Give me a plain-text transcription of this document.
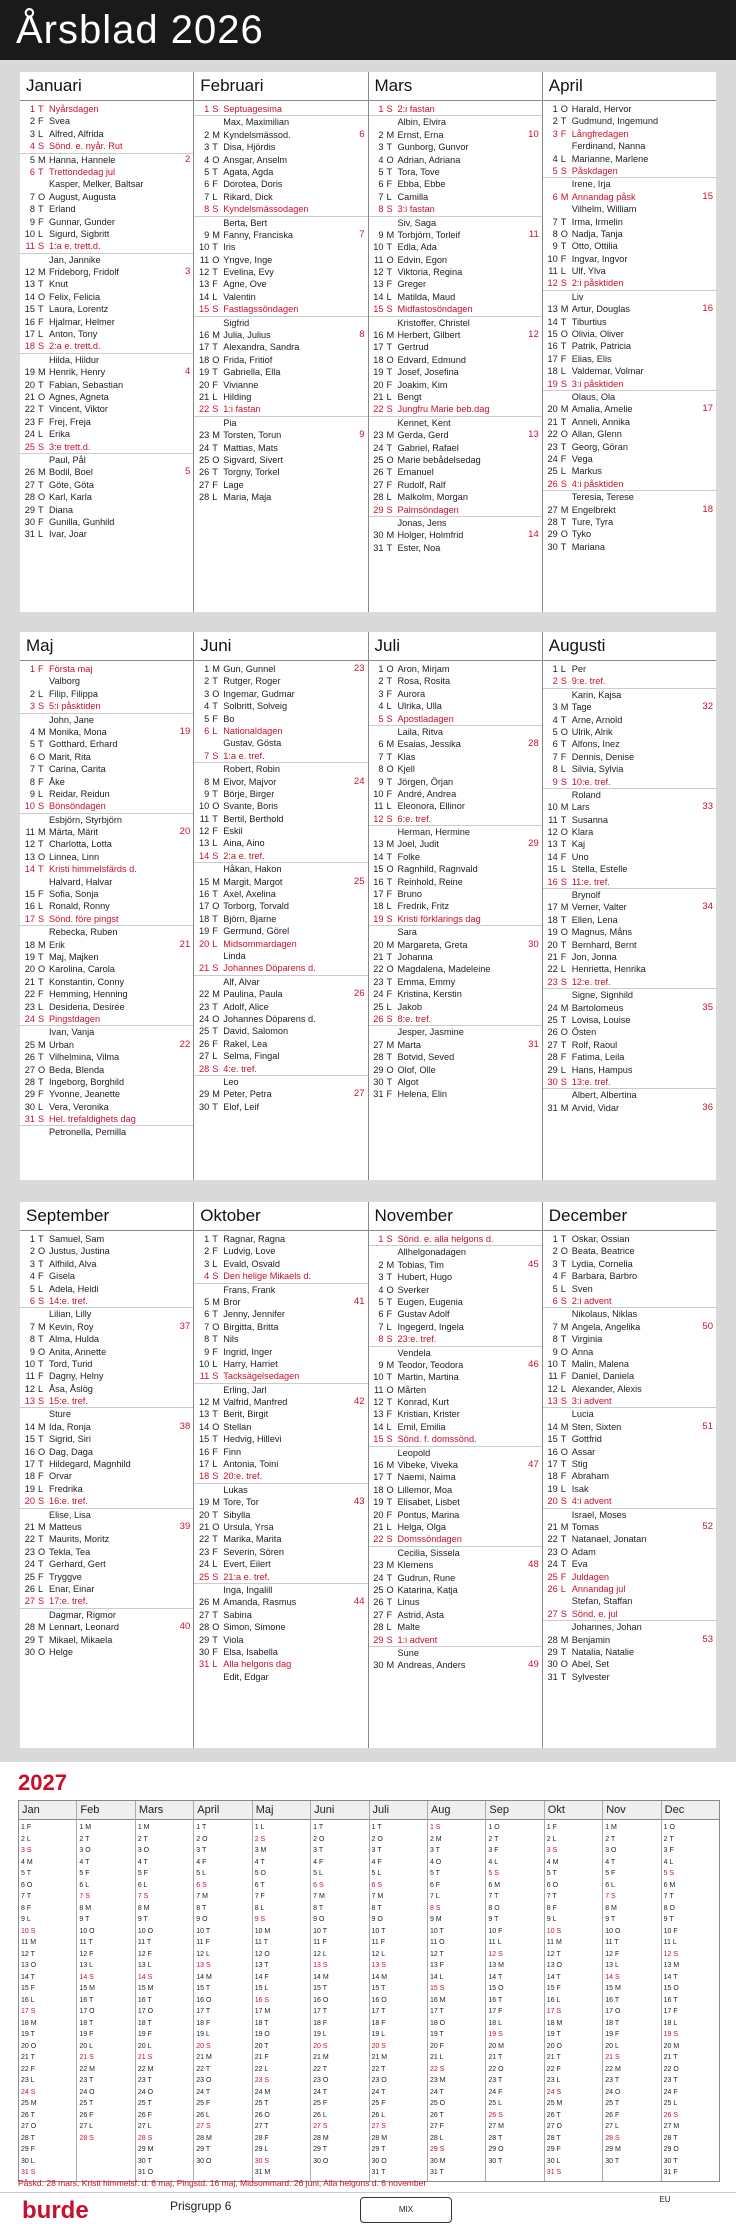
Årsblad 2026
Januari
1 T Nyårsdagen
2 F Svea
3 L Alfred, Alfrida
4 S Sönd. e. nyår. Rut
5 M Hanna, Hannele	2
6 T Trettondedag jul
Kasper, Melker, Baltsar
7 O August, Augusta
8 T Erland
9 F Gunnar, Gunder
10 L Sigurd, Sigbritt
11 S 1:a e. trett.d.
Jan, Jannike
12 M Frideborg, Fridolf	3
13 T Knut
14 O Felix, Felicia
15 T Laura, Lorentz
16 F Hjalmar, Helmer
17 L Anton, Tony
18 S 2:a e. trett.d.
Hilda, Hildur
19 M Henrik, Henry	4
20 T Fabian, Sebastian
21 O Agnes, Agneta
22 T Vincent, Viktor
23 F Frej, Freja
24 L Erika
25 S 3:e trett.d.
Paul, Pål
26 M Bodil, Boel	5
27 T Göte, Göta
28 O Karl, Karla
29 T Diana
30 F Gunilla, Gunhild
31 L Ivar, Joar
Februari
1 S Septuagesima
Max, Maximilian
2 M Kyndelsmässod.	6
3 T Disa, Hjördis
4 O Ansgar, Anselm
5 T Agata, Agda
6 F Dorotea, Doris
7 L Rikard, Dick
8 S Kyndelsmässodagen
Berta, Bert
9 M Fanny, Franciska	7
10 T Iris
11 O Yngve, Inge
12 T Evelina, Evy
13 F Agne, Ove
14 L Valentin
15 S Fastlagssöndagen
Sigfrid
16 M Julia, Julius	8
17 T Alexandra, Sandra
18 O Frida, Fritiof
19 T Gabriella, Ella
20 F Vivianne
21 L Hilding
22 S 1:i fastan
Pia
23 M Torsten, Torun	9
24 T Mattias, Mats
25 O Sigvard, Sivert
26 T Torgny, Torkel
27 F Lage
28 L Maria, Maja
Mars
1 S 2:i fastan
Albin, Elvira
2 M Ernst, Erna	10
3 T Gunborg, Gunvor
4 O Adrian, Adriana
5 T Tora, Tove
6 F Ebba, Ebbe
7 L Camilla
8 S 3:i fastan
Siv, Saga
9 M Torbjörn, Torleif	11
10 T Edla, Ada
11 O Edvin, Egon
12 T Viktoria, Regina
13 F Greger
14 L Matilda, Maud
15 S Midfastosöndagen
Kristoffer, Christel
16 M Herbert, Gilbert	12
17 T Gertrud
18 O Edvard, Edmund
19 T Josef, Josefina
20 F Joakim, Kim
21 L Bengt
22 S Jungfru Marie beb.dag
Kennet, Kent
23 M Gerda, Gerd	13
24 T Gabriel, Rafael
25 O Marie bebådelsedag
26 T Emanuel
27 F Rudolf, Ralf
28 L Malkolm, Morgan
29 S Palmsöndagen
Jonas, Jens
30 M Holger, Holmfrid	14
31 T Ester, Noa
April
1 O Harald, Hervor
2 T Gudmund, Ingemund
3 F Långfredagen
Ferdinand, Nanna
4 L Marianne, Marlene
5 S Påskdagen
Irene, Irja
6 M Annandag påsk	15
Vilhelm, William
7 T Irma, Irmelin
8 O Nadja, Tanja
9 T Otto, Ottilia
10 F Ingvar, Ingvor
11 L Ulf, Ylva
12 S 2:i påsktiden
Liv
13 M Artur, Douglas	16
14 T Tiburtius
15 O Olivia, Oliver
16 T Patrik, Patricia
17 F Elias, Elis
18 L Valdemar, Volmar
19 S 3:i påsktiden
Olaus, Ola
20 M Amalia, Amelie	17
21 T Anneli, Annika
22 O Allan, Glenn
23 T Georg, Göran
24 F Vega
25 L Markus
26 S 4:i påsktiden
Teresia, Terese
27 M Engelbrekt	18
28 T Ture, Tyra
29 O Tyko
30 T Mariana
Maj
1 F Första maj
Valborg
2 L Filip, Filippa
3 S 5:i påsktiden
John, Jane
4 M Monika, Mona	19
5 T Gotthard, Erhard
6 O Marit, Rita
7 T Carina, Carita
8 F Åke
9 L Reidar, Reidun
10 S Bönsöndagen
Esbjörn, Styrbjörn
11 M Märta, Märit	20
12 T Charlotta, Lotta
13 O Linnea, Linn
14 T Kristi himmelsfärds d.
Halvard, Halvar
15 F Sofia, Sonja
16 L Ronald, Ronny
17 S Sönd. före pingst
Rebecka, Ruben
18 M Erik	21
19 T Maj, Majken
20 O Karolina, Carola
21 T Konstantin, Conny
22 F Hemming, Henning
23 L Desideria, Desirée
24 S Pingstdagen
Ivan, Vanja
25 M Urban	22
26 T Vilhelmina, Vilma
27 O Beda, Blenda
28 T Ingeborg, Borghild
29 F Yvonne, Jeanette
30 L Vera, Veronika
31 S Hel. trefaldighets dag
Petronella, Pernilla
Juni
1 M Gun, Gunnel	23
2 T Rutger, Roger
3 O Ingemar, Gudmar
4 T Solbritt, Solveig
5 F Bo
6 L Nationaldagen
Gustav, Gösta
7 S 1:a e. tref.
Robert, Robin
8 M Eivor, Majvor	24
9 T Börje, Birger
10 O Svante, Boris
11 T Bertil, Berthold
12 F Eskil
13 L Aina, Aino
14 S 2:a e. tref.
Håkan, Hakon
15 M Margit, Margot	25
16 T Axel, Axelina
17 O Torborg, Torvald
18 T Björn, Bjarne
19 F Germund, Görel
20 L Midsommardagen
Linda
21 S Johannes Döparens d.
Alf, Alvar
22 M Paulina, Paula	26
23 T Adolf, Alice
24 O Johannes Döparens d.
25 T David, Salomon
26 F Rakel, Lea
27 L Selma, Fingal
28 S 4:e. tref.
Leo
29 M Peter, Petra	27
30 T Elof, Leif
Juli
1 O Aron, Mirjam
2 T Rosa, Rosita
3 F Aurora
4 L Ulrika, Ulla
5 S Apostladagen
Laila, Ritva
6 M Esaias, Jessika	28
7 T Klas
8 O Kjell
9 T Jörgen, Örjan
10 F André, Andrea
11 L Eleonora, Ellinor
12 S 6:e. tref.
Herman, Hermine
13 M Joel, Judit	29
14 T Folke
15 O Ragnhild, Ragnvald
16 T Reinhold, Reine
17 F Bruno
18 L Fredrik, Fritz
19 S Kristi förklarings dag
Sara
20 M Margareta, Greta	30
21 T Johanna
22 O Magdalena, Madeleine
23 T Emma, Emmy
24 F Kristina, Kerstin
25 L Jakob
26 S 8:e. tref.
Jesper, Jasmine
27 M Marta	31
28 T Botvid, Seved
29 O Olof, Olle
30 T Algot
31 F Helena, Elin
Augusti
1 L Per
2 S 9:e. tref.
Karin, Kajsa
3 M Tage	32
4 T Arne, Arnold
5 O Ulrik, Alrik
6 T Alfons, Inez
7 F Dennis, Denise
8 L Silvia, Sylvia
9 S 10:e. tref.
Roland
10 M Lars	33
11 T Susanna
12 O Klara
13 T Kaj
14 F Uno
15 L Stella, Estelle
16 S 11:e. tref.
Brynolf
17 M Verner, Valter	34
18 T Ellen, Lena
19 O Magnus, Måns
20 T Bernhard, Bernt
21 F Jon, Jonna
22 L Henrietta, Henrika
23 S 12:e. tref.
Signe, Signhild
24 M Bartolomeus	35
25 T Lovisa, Louise
26 O Östen
27 T Rolf, Raoul
28 F Fatima, Leila
29 L Hans, Hampus
30 S 13:e. tref.
Albert, Albertina
31 M Arvid, Vidar	36
September
1 T Samuel, Sam
2 O Justus, Justina
3 T Alfhild, Alva
4 F Gisela
5 L Adela, Heidi
6 S 14:e. tref.
Lilian, Lilly
7 M Kevin, Roy	37
8 T Alma, Hulda
9 O Anita, Annette
10 T Tord, Turid
11 F Dagny, Helny
12 L Åsa, Åslög
13 S 15:e. tref.
Sture
14 M Ida, Ronja	38
15 T Sigrid, Siri
16 O Dag, Daga
17 T Hildegard, Magnhild
18 F Orvar
19 L Fredrika
20 S 16:e. tref.
Elise, Lisa
21 M Matteus	39
22 T Maurits, Moritz
23 O Tekla, Tea
24 T Gerhard, Gert
25 F Tryggve
26 L Enar, Einar
27 S 17:e. tref.
Dagmar, Rigmor
28 M Lennart, Leonard	40
29 T Mikael, Mikaela
30 O Helge
Oktober
1 T Ragnar, Ragna
2 F Ludvig, Love
3 L Evald, Osvald
4 S Den helige Mikaels d.
Frans, Frank
5 M Bror	41
6 T Jenny, Jennifer
7 O Birgitta, Britta
8 T Nils
9 F Ingrid, Inger
10 L Harry, Harriet
11 S Tacksägelsedagen
Erling, Jarl
12 M Valfrid, Manfred	42
13 T Berit, Birgit
14 O Stellan
15 T Hedvig, Hillevi
16 F Finn
17 L Antonia, Toini
18 S 20:e. tref.
Lukas
19 M Tore, Tor	43
20 T Sibylla
21 O Ursula, Yrsa
22 T Marika, Marita
23 F Severin, Sören
24 L Evert, Eilert
25 S 21:a e. tref.
Inga, Ingalill
26 M Amanda, Rasmus	44
27 T Sabina
28 O Simon, Simone
29 T Viola
30 F Elsa, Isabella
31 L Alla helgons dag
Edit, Edgar
November
1 S Sönd. e. alla helgons d.
Allhelgonadagen
2 M Tobias, Tim	45
3 T Hubert, Hugo
4 O Sverker
5 T Eugen, Eugenia
6 F Gustav Adolf
7 L Ingegerd, Ingela
8 S 23:e. tref.
Vendela
9 M Teodor, Teodora	46
10 T Martin, Martina
11 O Mårten
12 T Konrad, Kurt
13 F Kristian, Krister
14 L Emil, Emilia
15 S Sönd. f. domssönd.
Leopold
16 M Vibeke, Viveka	47
17 T Naemi, Naima
18 O Lillemor, Moa
19 T Elisabet, Lisbet
20 F Pontus, Marina
21 L Helga, Olga
22 S Domssöndagen
Cecilia, Sissela
23 M Klemens	48
24 T Gudrun, Rune
25 O Katarina, Katja
26 T Linus
27 F Astrid, Asta
28 L Malte
29 S 1:i advent
Sune
30 M Andreas, Anders	49
December
1 T Oskar, Ossian
2 O Beata, Beatrice
3 T Lydia, Cornelia
4 F Barbara, Barbro
5 L Sven
6 S 2:i advent
Nikolaus, Niklas
7 M Angela, Angelika	50
8 T Virginia
9 O Anna
10 T Malin, Malena
11 F Daniel, Daniela
12 L Alexander, Alexis
13 S 3:i advent
Lucia
14 M Sten, Sixten	51
15 T Gottfrid
16 O Assar
17 T Stig
18 F Abraham
19 L Isak
20 S 4:i advent
Israel, Moses
21 M Tomas	52
22 T Natanael, Jonatan
23 O Adam
24 T Eva
25 F Juldagen
26 L Annandag jul
Stefan, Staffan
27 S Sönd. e. jul
Johannes, Johan
28 M Benjamin	53
29 T Natalia, Natalie
30 O Abel, Set
31 T Sylvester
2027
Jan
1 F
2 L
3 S
4 M
5 T
6 O
7 T
8 F
9 L
10 S
11 M
12 T
13 O
14 T
15 F
16 L
17 S
18 M
19 T
20 O
21 T
22 F
23 L
24 S
25 M
26 T
27 O
28 T
29 F
30 L
31 S
Feb
1 M
2 T
3 O
4 T
5 F
6 L
7 S
8 M
9 T
10 O
11 T
12 F
13 L
14 S
15 M
16 T
17 O
18 T
19 F
20 L
21 S
22 M
23 T
24 O
25 T
26 F
27 L
28 S
Mars
1 M
2 T
3 O
4 T
5 F
6 L
7 S
8 M
9 T
10 O
11 T
12 F
13 L
14 S
15 M
16 T
17 O
18 T
19 F
20 L
21 S
22 M
23 T
24 O
25 T
26 F
27 L
28 S
29 M
30 T
31 O
April
1 T
2 O
3 T
4 F
5 L
6 S
7 M
8 T
9 O
10 T
11 F
12 L
13 S
14 M
15 T
16 O
17 T
18 F
19 L
20 S
21 M
22 T
23 O
24 T
25 F
26 L
27 S
28 M
29 T
30 O
Maj
1 L
2 S
3 M
4 T
5 O
6 T
7 F
8 L
9 S
10 M
11 T
12 O
13 T
14 F
15 L
16 S
17 M
18 T
19 O
20 T
21 F
22 L
23 S
24 M
25 T
26 O
27 T
28 F
29 L
30 S
31 M
Juni
1 T
2 O
3 T
4 F
5 L
6 S
7 M
8 T
9 O
10 T
11 F
12 L
13 S
14 M
15 T
16 O
17 T
18 F
19 L
20 S
21 M
22 T
23 O
24 T
25 F
26 L
27 S
28 M
29 T
30 O
Juli
1 T
2 O
3 T
4 F
5 L
6 S
7 M
8 T
9 O
10 T
11 F
12 L
13 S
14 M
15 T
16 O
17 T
18 F
19 L
20 S
21 M
22 T
23 O
24 T
25 F
26 L
27 S
28 M
29 T
30 O
31 T
Aug
1 S
2 M
3 T
4 O
5 T
6 F
7 L
8 S
9 M
10 T
11 O
12 T
13 F
14 L
15 S
16 M
17 T
18 O
19 T
20 F
21 L
22 S
23 M
24 T
25 O
26 T
27 F
28 L
29 S
30 M
31 T
Sep
1 O
2 T
3 F
4 L
5 S
6 M
7 T
8 O
9 T
10 F
11 L
12 S
13 M
14 T
15 O
16 T
17 F
18 L
19 S
20 M
21 T
22 O
23 T
24 F
25 L
26 S
27 M
28 T
29 O
30 T
Okt
1 F
2 L
3 S
4 M
5 T
6 O
7 T
8 F
9 L
10 S
11 M
12 T
13 O
14 T
15 F
16 L
17 S
18 M
19 T
20 O
21 T
22 F
23 L
24 S
25 M
26 T
27 O
28 T
29 F
30 L
31 S
Nov
1 M
2 T
3 O
4 T
5 F
6 L
7 S
8 M
9 T
10 O
11 T
12 F
13 L
14 S
15 M
16 T
17 O
18 T
19 F
20 L
21 S
22 M
23 T
24 O
25 T
26 F
27 L
28 S
29 M
30 T
Dec
1 O
2 T
3 F
4 L
5 S
6 M
7 T
8 O
9 T
10 F
11 L
12 S
13 M
14 T
15 O
16 T
17 F
18 L
19 S
20 M
21 T
22 O
23 T
24 F
25 L
26 S
27 M
28 T
29 O
30 T
31 F
Påskd. 28 mars, Kristi himmelsf. d. 6 maj, Pingstd. 16 maj, Midsommard. 26 juni, Alla helgons d. 6 november
burde	Prisgrupp 6	MIX
EU
